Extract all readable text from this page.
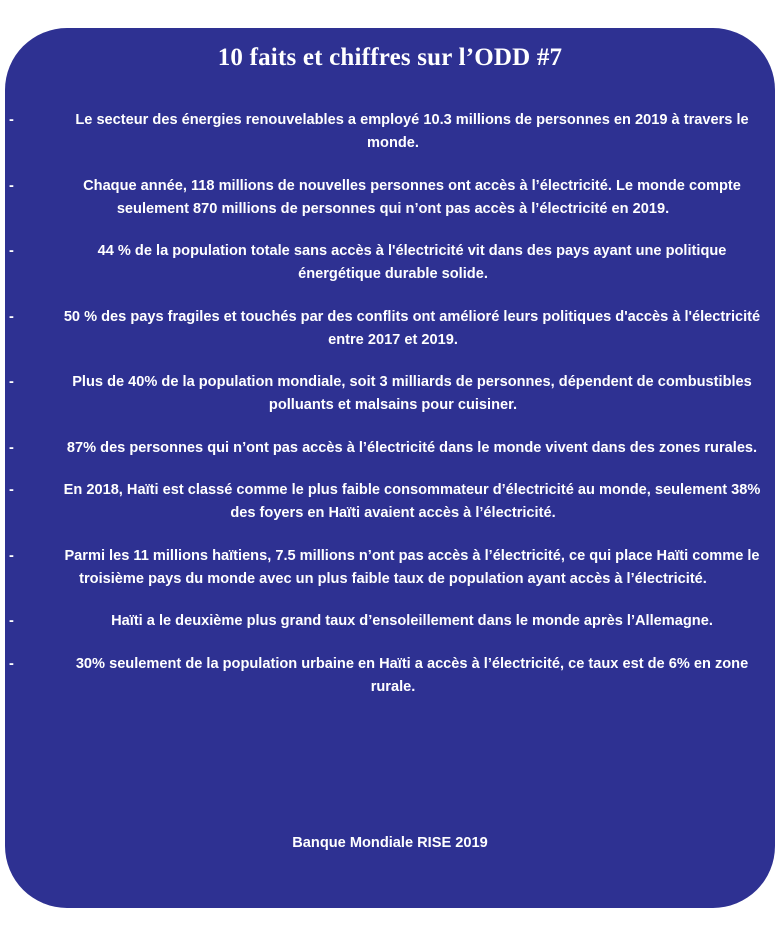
10 faits et chiffres sur l’ODD #7
-	Le secteur des énergies renouvelables a employé 10.3 millions de personnes en 2019 à travers le monde.
-	Chaque année, 118 millions de nouvelles personnes ont accès à l’électricité. Le monde compte seulement 870 millions de personnes qui n’ont pas accès à l’électricité en 2019.
-	44 % de la population totale sans accès à l'électricité vit dans des pays ayant une politique énergétique durable solide.
-	50 % des pays fragiles et touchés par des conflits ont amélioré leurs politiques d'accès à l'électricité entre 2017 et 2019.
-	Plus de 40% de la population mondiale, soit 3 milliards de personnes, dépendent de combustibles polluants et malsains pour cuisiner.
-	87% des personnes qui n’ont pas accès à l’électricité dans le monde vivent dans des zones rurales.
-	En 2018, Haïti est classé comme le plus faible consommateur d’électricité au monde, seulement 38% des foyers en Haïti avaient accès à l’électricité.
-	Parmi les 11 millions haïtiens, 7.5 millions n’ont pas accès à l’électricité, ce qui place Haïti comme le troisième pays du monde avec un plus faible taux de population ayant accès à l’électricité.
-	Haïti a le deuxième plus grand taux d’ensoleillement dans le monde après l’Allemagne.
-	30% seulement de la population urbaine en Haïti a accès à l’électricité, ce taux est de 6% en zone rurale.

Banque Mondiale RISE 2019
